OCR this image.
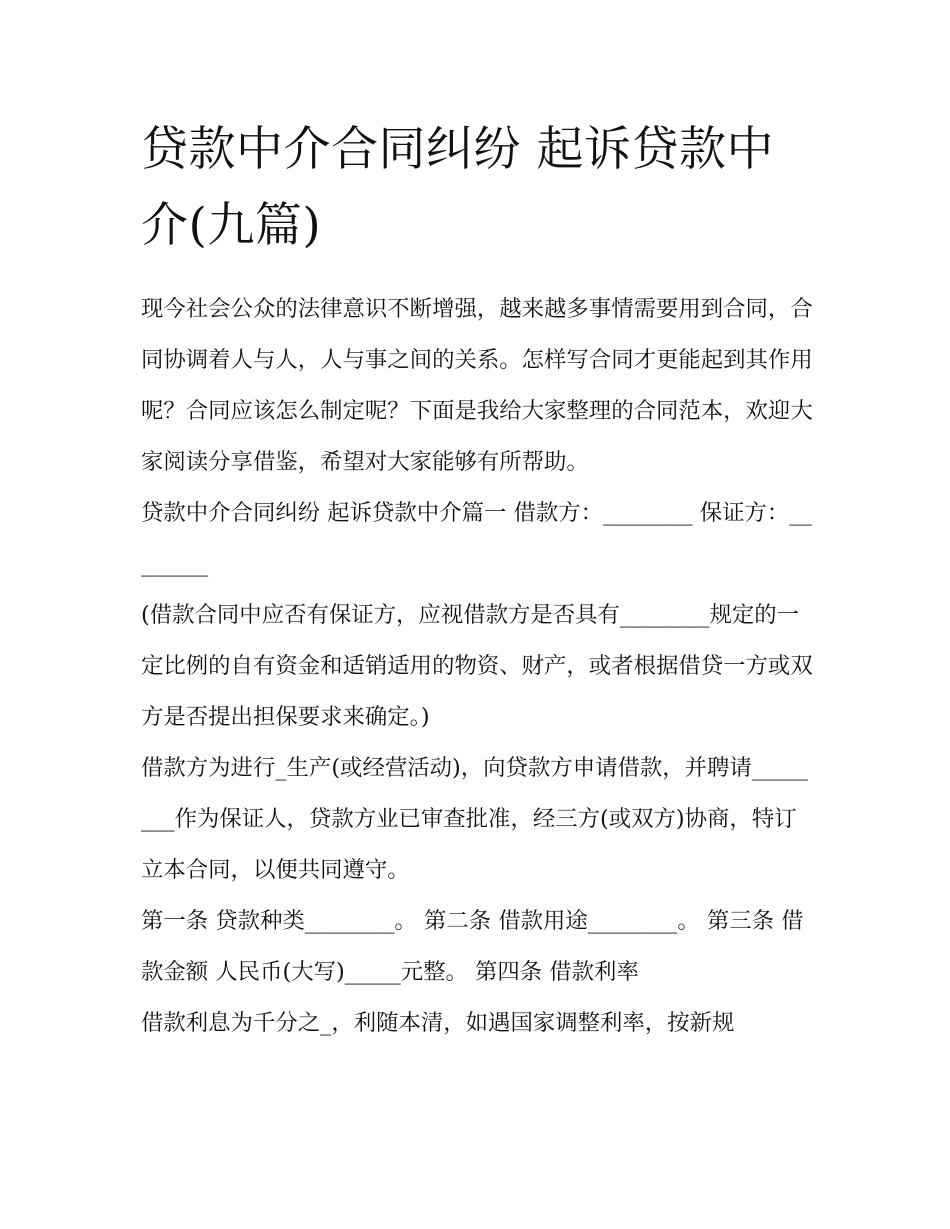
贷款中介合同纠纷 起诉贷款中介(九篇)

现今社会公众的法律意识不断增强，越来越多事情需要用到合同，合同协调着人与人，人与事之间的关系。怎样写合同才更能起到其作用呢？合同应该怎么制定呢？下面是我给大家整理的合同范本，欢迎大家阅读分享借鉴，希望对大家能够有所帮助。

贷款中介合同纠纷 起诉贷款中介篇一 借款方：________ 保证方：________

(借款合同中应否有保证方，应视借款方是否具有________规定的一定比例的自有资金和适销适用的物资、财产，或者根据借贷一方或双方是否提出担保要求来确定。)

借款方为进行_生产(或经营活动)，向贷款方申请借款，并聘请________作为保证人，贷款方业已审查批准，经三方(或双方)协商，特订立本合同，以便共同遵守。

第一条 贷款种类________。 第二条 借款用途________。 第三条 借款金额 人民币(大写)_____元整。 第四条 借款利率

借款利息为千分之_，利随本清，如遇国家调整利率，按新规
